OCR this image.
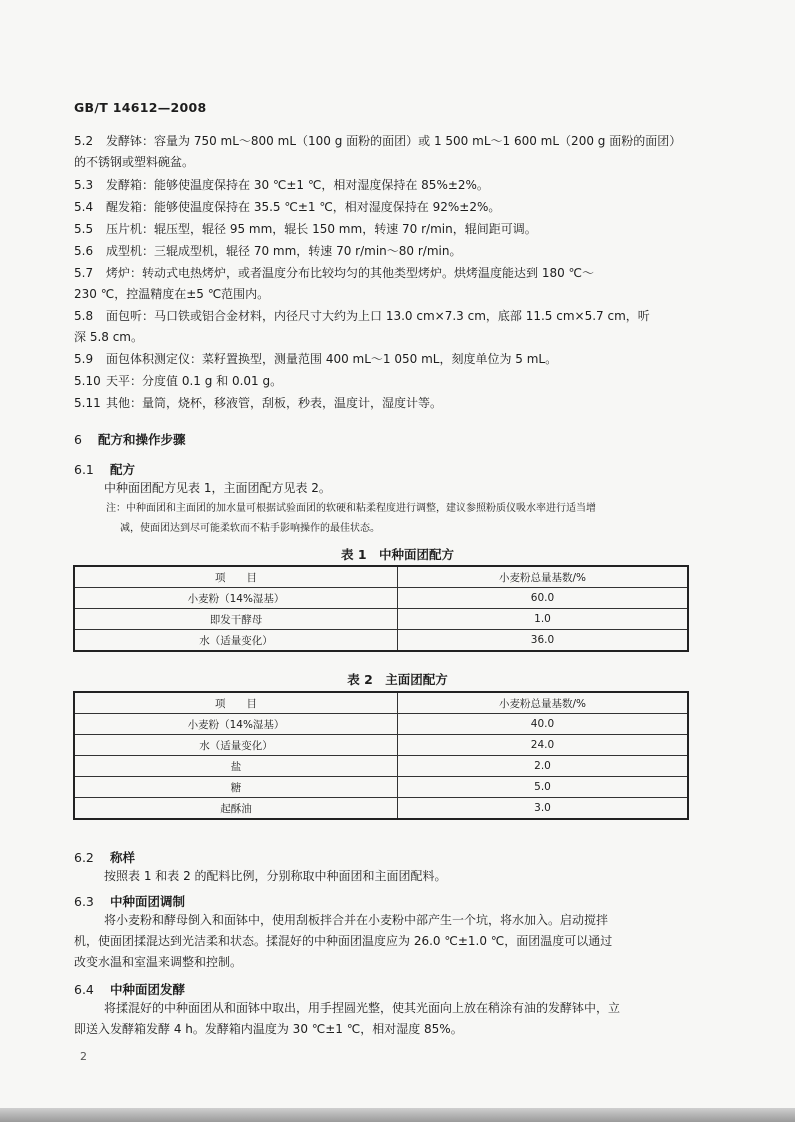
GB/T 14612—2008
5.2 发酵钵：容量为 750 mL～800 mL（100 g 面粉的面团）或 1 500 mL～1 600 mL（200 g 面粉的面团）
的不锈钢或塑料碗盆。
5.3 发酵箱：能够使温度保持在 30 ℃±1 ℃，相对湿度保持在 85%±2%。
5.4 醒发箱：能够使温度保持在 35.5 ℃±1 ℃，相对湿度保持在 92%±2%。
5.5 压片机：辊压型，辊径 95 mm，辊长 150 mm，转速 70 r/min，辊间距可调。
5.6 成型机：三辊成型机，辊径 70 mm，转速 70 r/min～80 r/min。
5.7 烤炉：转动式电热烤炉，或者温度分布比较均匀的其他类型烤炉。烘烤温度能达到 180 ℃～
230 ℃，控温精度在±5 ℃范围内。
5.8 面包听：马口铁或铝合金材料，内径尺寸大约为上口 13.0 cm×7.3 cm，底部 11.5 cm×5.7 cm，听
深 5.8 cm。
5.9 面包体积测定仪：菜籽置换型，测量范围 400 mL～1 050 mL，刻度单位为 5 mL。
5.10 天平：分度值 0.1 g 和 0.01 g。
5.11 其他：量筒，烧杯，移液管，刮板，秒表，温度计，湿度计等。
6 配方和操作步骤
6.1 配方
中种面团配方见表 1，主面团配方见表 2。
注：中种面团和主面团的加水量可根据试验面团的软硬和粘柔程度进行调整，建议参照粉质仪吸水率进行适当增
减，使面团达到尽可能柔软而不粘手影响操作的最佳状态。
表 1　中种面团配方
项　　目	小麦粉总量基数/%
小麦粉（14%湿基）	60.0
即发干酵母	1.0
水（适量变化）	36.0
表 2　主面团配方
项　　目	小麦粉总量基数/%
小麦粉（14%湿基）	40.0
水（适量变化）	24.0
盐	2.0
糖	5.0
起酥油	3.0
6.2 称样
按照表 1 和表 2 的配料比例，分别称取中种面团和主面团配料。
6.3 中种面团调制
将小麦粉和酵母倒入和面钵中，使用刮板拌合并在小麦粉中部产生一个坑，将水加入。启动搅拌
机，使面团揉混达到光洁柔和状态。揉混好的中种面团温度应为 26.0 ℃±1.0 ℃，面团温度可以通过
改变水温和室温来调整和控制。
6.4 中种面团发酵
将揉混好的中种面团从和面钵中取出，用手捏圆光整，使其光面向上放在稍涂有油的发酵钵中，立
即送入发酵箱发酵 4 h。发酵箱内温度为 30 ℃±1 ℃，相对湿度 85%。
2
